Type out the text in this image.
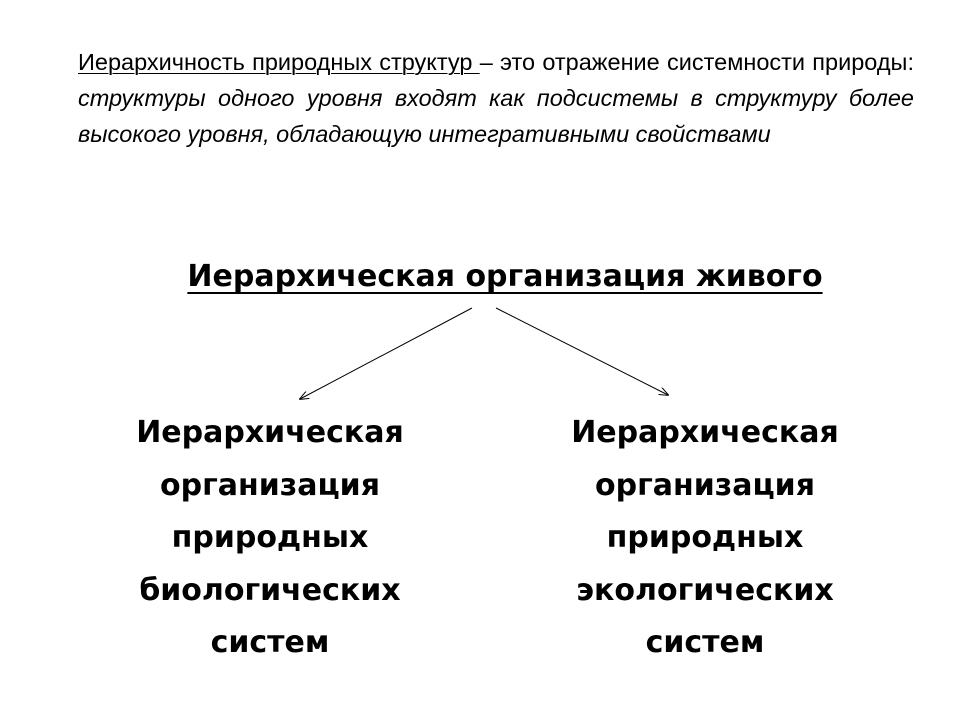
Иерархичность природных структур – это отражение системности природы: структуры одного уровня входят как подсистемы в структуру более высокого уровня, обладающую интегративными свойствами

Иерархическая организация живого
Иерархическая
организация
природных
биологических
систем
Иерархическая
организация
природных
экологических
систем
